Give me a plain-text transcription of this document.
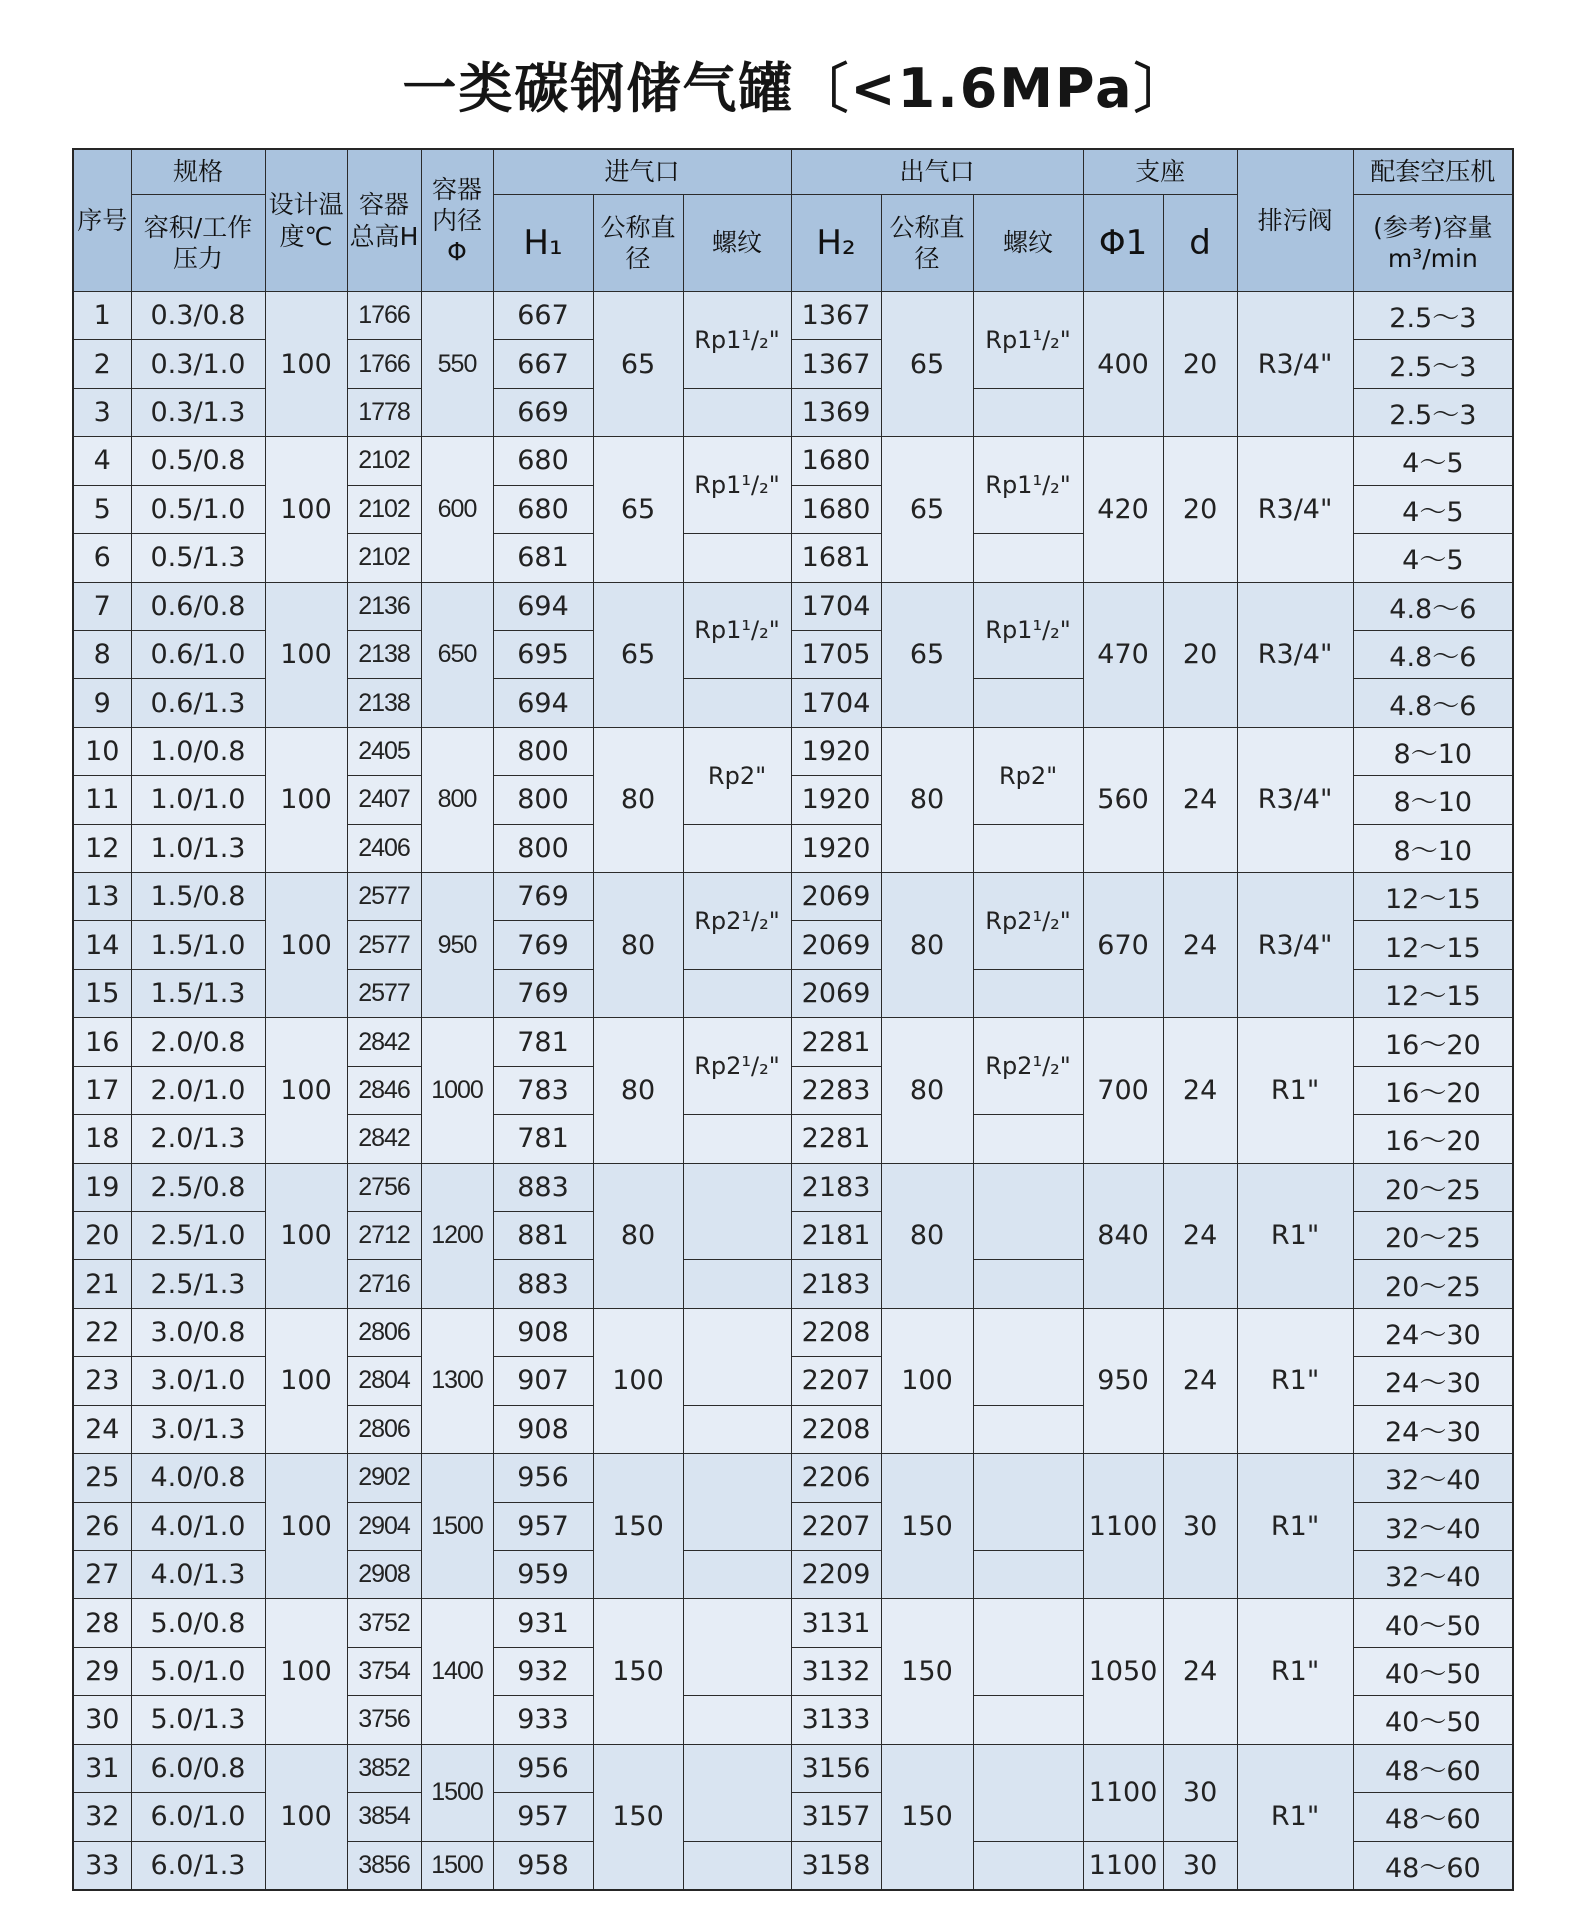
一类碳钢储气罐〔<1.6MPa〕
序号	规格	设计温度℃	容器总高H	容器内径Φ	进气口			出气口			支座		排污阀	配套空压机
	容积/工作压力				H₁	公称直径	螺纹	H₂	公称直径	螺纹	Φ1	d		(参考)容量m³/min
1	0.3/0.8	100	1766	550	667	65	Rp1¹/₂"	1367	65	Rp1¹/₂"	400	20	R3/4"	2.5～3
2	0.3/1.0		1766		667			1367						2.5～3
3	0.3/1.3		1778		669			1369						2.5～3
4	0.5/0.8	100	2102	600	680	65	Rp1¹/₂"	1680	65	Rp1¹/₂"	420	20	R3/4"	4～5
5	0.5/1.0		2102		680			1680						4～5
6	0.5/1.3		2102		681			1681						4～5
7	0.6/0.8	100	2136	650	694	65	Rp1¹/₂"	1704	65	Rp1¹/₂"	470	20	R3/4"	4.8～6
8	0.6/1.0		2138		695			1705						4.8～6
9	0.6/1.3		2138		694			1704						4.8～6
10	1.0/0.8	100	2405	800	800	80	Rp2"	1920	80	Rp2"	560	24	R3/4"	8～10
11	1.0/1.0		2407		800			1920						8～10
12	1.0/1.3		2406		800			1920						8～10
13	1.5/0.8	100	2577	950	769	80	Rp2¹/₂"	2069	80	Rp2¹/₂"	670	24	R3/4"	12～15
14	1.5/1.0		2577		769			2069						12～15
15	1.5/1.3		2577		769			2069						12～15
16	2.0/0.8	100	2842	1000	781	80	Rp2¹/₂"	2281	80	Rp2¹/₂"	700	24	R1"	16～20
17	2.0/1.0		2846		783			2283						16～20
18	2.0/1.3		2842		781			2281						16～20
19	2.5/0.8	100	2756	1200	883	80		2183	80		840	24	R1"	20～25
20	2.5/1.0		2712		881			2181						20～25
21	2.5/1.3		2716		883			2183						20～25
22	3.0/0.8	100	2806	1300	908	100		2208	100		950	24	R1"	24～30
23	3.0/1.0		2804		907			2207						24～30
24	3.0/1.3		2806		908			2208						24～30
25	4.0/0.8	100	2902	1500	956	150		2206	150		1100	30	R1"	32～40
26	4.0/1.0		2904		957			2207						32～40
27	4.0/1.3		2908		959			2209						32～40
28	5.0/0.8	100	3752	1400	931	150		3131	150		1050	24	R1"	40～50
29	5.0/1.0		3754		932			3132						40～50
30	5.0/1.3		3756		933			3133						40～50
31	6.0/0.8	100	3852	1500	956	150		3156	150		1100	30	R1"	48～60
32	6.0/1.0		3854		957			3157						48～60
33	6.0/1.3		3856	1500	958			3158			1100	30		48～60
